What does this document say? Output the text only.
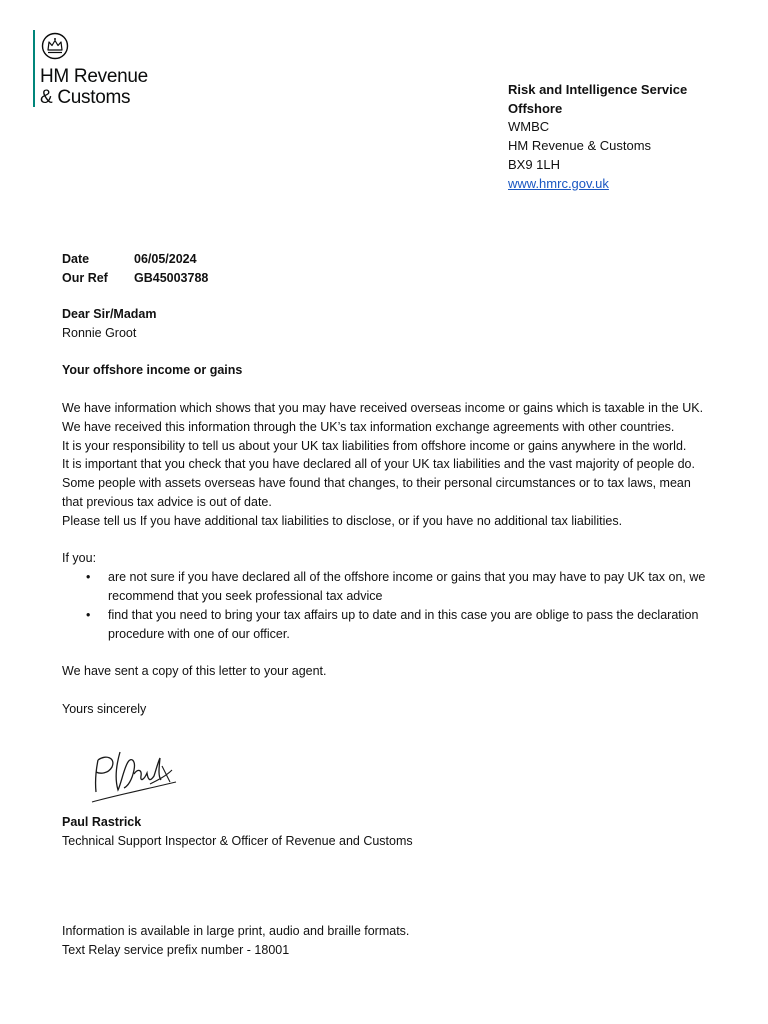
HM Revenue
& Customs	Risk and Intelligence Service
Offshore
WMBC
HM Revenue & Customs
BX9 1LH
www.hmrc.gov.uk
Date	06/05/2024
Our Ref	GB45003788

Dear Sir/Madam

Ronnie Groot

Your offshore income or gains

We have information which shows that you may have received overseas income or gains which is taxable in the UK. We have received this information through the UK’s tax information exchange agreements with other countries.

It is your responsibility to tell us about your UK tax liabilities from offshore income or gains anywhere in the world.

It is important that you check that you have declared all of your UK tax liabilities and the vast majority of people do. Some people with assets overseas have found that changes, to their personal circumstances or to tax laws, mean that previous tax advice is out of date.

Please tell us If you have additional tax liabilities to disclose, or if you have no additional tax liabilities.

If you:

• are not sure if you have declared all of the offshore income or gains that you may have to pay UK tax on, we recommend that you seek professional tax advice
• find that you need to bring your tax affairs up to date and in this case you are oblige to pass the declaration procedure with one of our officer.

We have sent a copy of this letter to your agent.

Yours sincerely

Paul Rastrick
Technical Support Inspector & Officer of Revenue and Customs
Information is available in large print, audio and braille formats.
Text Relay service prefix number - 18001
